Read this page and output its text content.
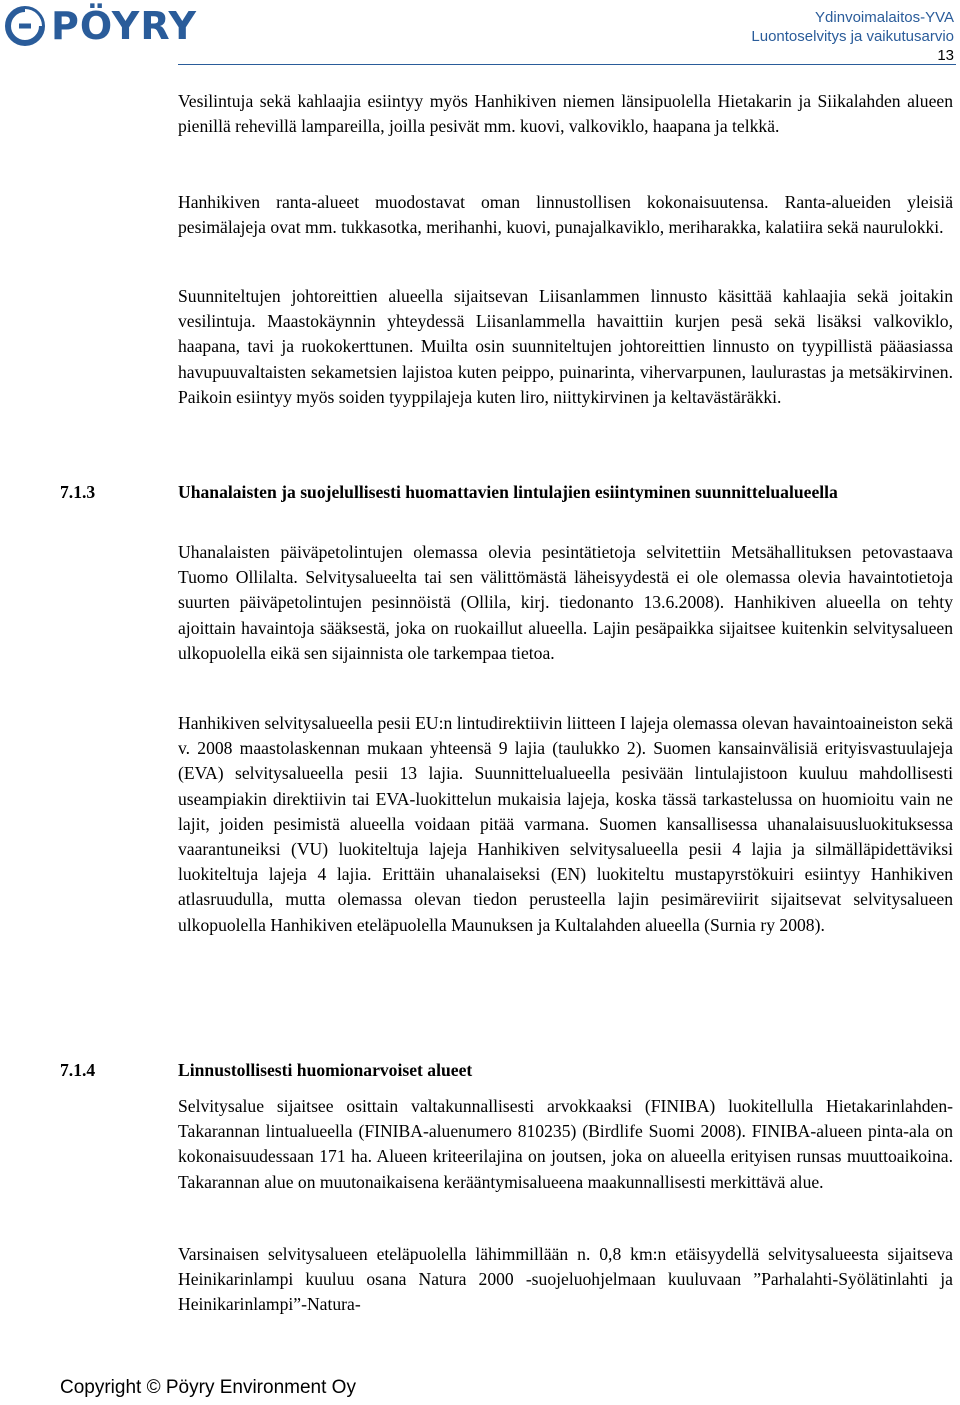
PÖYRY	Ydinvoimalaitos-YVA
Luontoselvitys ja vaikutusarvio
13

Vesilintuja sekä kahlaajia esiintyy myös Hanhikiven niemen länsipuolella Hietakarin ja Siikalahden alueen pienillä rehevillä lampareilla, joilla pesivät mm. kuovi, valkoviklo, haapana ja telkkä.

Hanhikiven ranta-alueet muodostavat oman linnustollisen kokonaisuutensa. Ranta-alueiden yleisiä pesimälajeja ovat mm. tukkasotka, merihanhi, kuovi, punajalkaviklo, meriharakka, kalatiira sekä naurulokki.

Suunniteltujen johtoreittien alueella sijaitsevan Liisanlammen linnusto käsittää kahlaajia sekä joitakin vesilintuja. Maastokäynnin yhteydessä Liisanlammella havaittiin kurjen pesä sekä lisäksi valkoviklo, haapana, tavi ja ruokokerttunen. Muilta osin suunniteltujen johtoreittien linnusto on tyypillistä pääasiassa havupuuvaltaisten sekametsien lajistoa kuten peippo, puinarinta, vihervarpunen, laulurastas ja metsäkirvinen. Paikoin esiintyy myös soiden tyyppilajeja kuten liro, niittykirvinen ja keltavästäräkki.

7.1.3	Uhanalaisten ja suojelullisesti huomattavien lintulajien esiintyminen suunnittelualueella

Uhanalaisten päiväpetolintujen olemassa olevia pesintätietoja selvitettiin Metsähallituksen petovastaava Tuomo Ollilalta. Selvitysalueelta tai sen välittömästä läheisyydestä ei ole olemassa olevia havaintotietoja suurten päiväpetolintujen pesinnöistä (Ollila, kirj. tiedonanto 13.6.2008). Hanhikiven alueella on tehty ajoittain havaintoja sääksestä, joka on ruokaillut alueella. Lajin pesäpaikka sijaitsee kuitenkin selvitysalueen ulkopuolella eikä sen sijainnista ole tarkempaa tietoa.

Hanhikiven selvitysalueella pesii EU:n lintudirektiivin liitteen I lajeja olemassa olevan havaintoaineiston sekä v. 2008 maastolaskennan mukaan yhteensä 9 lajia (taulukko 2). Suomen kansainvälisiä erityisvastuulajeja (EVA) selvitysalueella pesii 13 lajia. Suunnittelualueella pesivään lintulajistoon kuuluu mahdollisesti useampiakin direktiivin tai EVA-luokittelun mukaisia lajeja, koska tässä tarkastelussa on huomioitu vain ne lajit, joiden pesimistä alueella voidaan pitää varmana. Suomen kansallisessa uhanalaisuusluokituksessa vaarantuneiksi (VU) luokiteltuja lajeja Hanhikiven selvitysalueella pesii 4 lajia ja silmälläpidettäviksi luokiteltuja lajeja 4 lajia. Erittäin uhanalaiseksi (EN) luokiteltu mustapyrstökuiri esiintyy Hanhikiven atlasruudulla, mutta olemassa olevan tiedon perusteella lajin pesimäreviirit sijaitsevat selvitysalueen ulkopuolella Hanhikiven eteläpuolella Maunuksen ja Kultalahden alueella (Surnia ry 2008).

7.1.4	Linnustollisesti huomionarvoiset alueet

Selvitysalue sijaitsee osittain valtakunnallisesti arvokkaaksi (FINIBA) luokitellulla Hietakarinlahden-Takarannan lintualueella (FINIBA-aluenumero 810235) (Birdlife Suomi 2008). FINIBA-alueen pinta-ala on kokonaisuudessaan 171 ha. Alueen kriteerilajina on joutsen, joka on alueella erityisen runsas muuttoaikoina. Takarannan alue on muutonaikaisena kerääntymisalueena maakunnallisesti merkittävä alue.

Varsinaisen selvitysalueen eteläpuolella lähimmillään n. 0,8 km:n etäisyydellä selvitysalueesta sijaitseva Heinikarinlampi kuuluu osana Natura 2000 -suojeluohjelmaan kuuluvaan ”Parhalahti-Syölätinlahti ja Heinikarinlampi”-Natura-

Copyright © Pöyry Environment Oy
